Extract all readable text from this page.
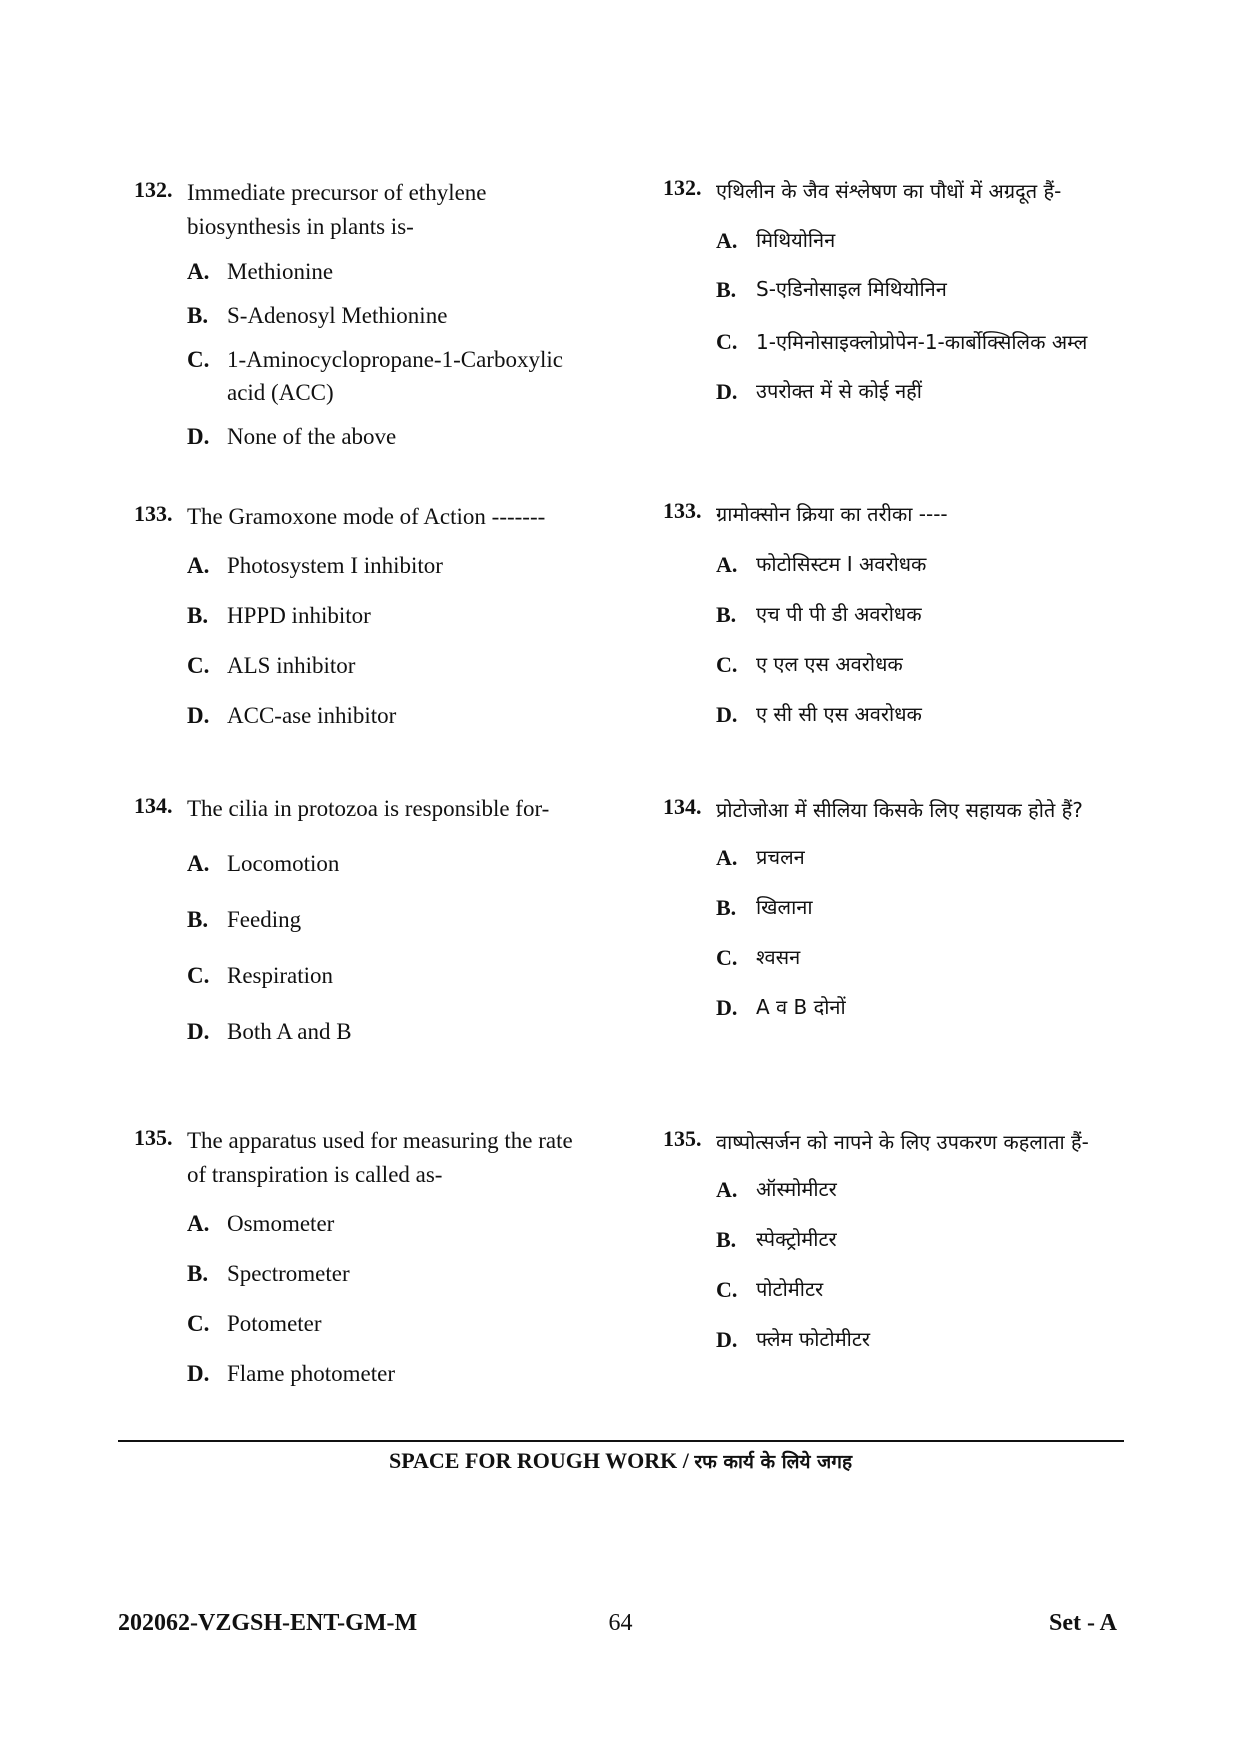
132. Immediate precursor of ethylene biosynthesis in plants is-
A. Methionine
B. S-Adenosyl Methionine
C. 1-Aminocyclopropane-1-Carboxylic acid (ACC)
D. None of the above
133. The Gramoxone mode of Action -------
A. Photosystem I inhibitor
B. HPPD inhibitor
C. ALS inhibitor
D. ACC-ase inhibitor
134. The cilia in protozoa is responsible for-
A. Locomotion
B. Feeding
C. Respiration
D. Both A and B
135. The apparatus used for measuring the rate of transpiration is called as-
A. Osmometer
B. Spectrometer
C. Potometer
D. Flame photometer
132. एथिलीन के जैव संश्लेषण का पौधों में अग्रदूत हैं-
A. मिथियोनिन
B. S-एडिनोसाइल मिथियोनिन
C. 1-एमिनोसाइक्लोप्रोपेन-1-कार्बोक्सिलिक अम्ल
D. उपरोक्त में से कोई नहीं
133. ग्रामोक्सोन क्रिया का तरीका ----
A. फोटोसिस्टम I अवरोधक
B. एच पी पी डी अवरोधक
C. ए एल एस अवरोधक
D. ए सी सी एस अवरोधक
134. प्रोटोजोआ में सीलिया किसके लिए सहायक होते हैं?
A. प्रचलन
B. खिलाना
C. श्वसन
D. A व B दोनों
135. वाष्पोत्सर्जन को नापने के लिए उपकरण कहलाता हैं-
A. ऑस्मोमीटर
B. स्पेक्ट्रोमीटर
C. पोटोमीटर
D. फ्लेम फोटोमीटर
SPACE FOR ROUGH WORK / रफ कार्य के लिये जगह
202062-VZGSH-ENT-GM-M	64	Set - A
